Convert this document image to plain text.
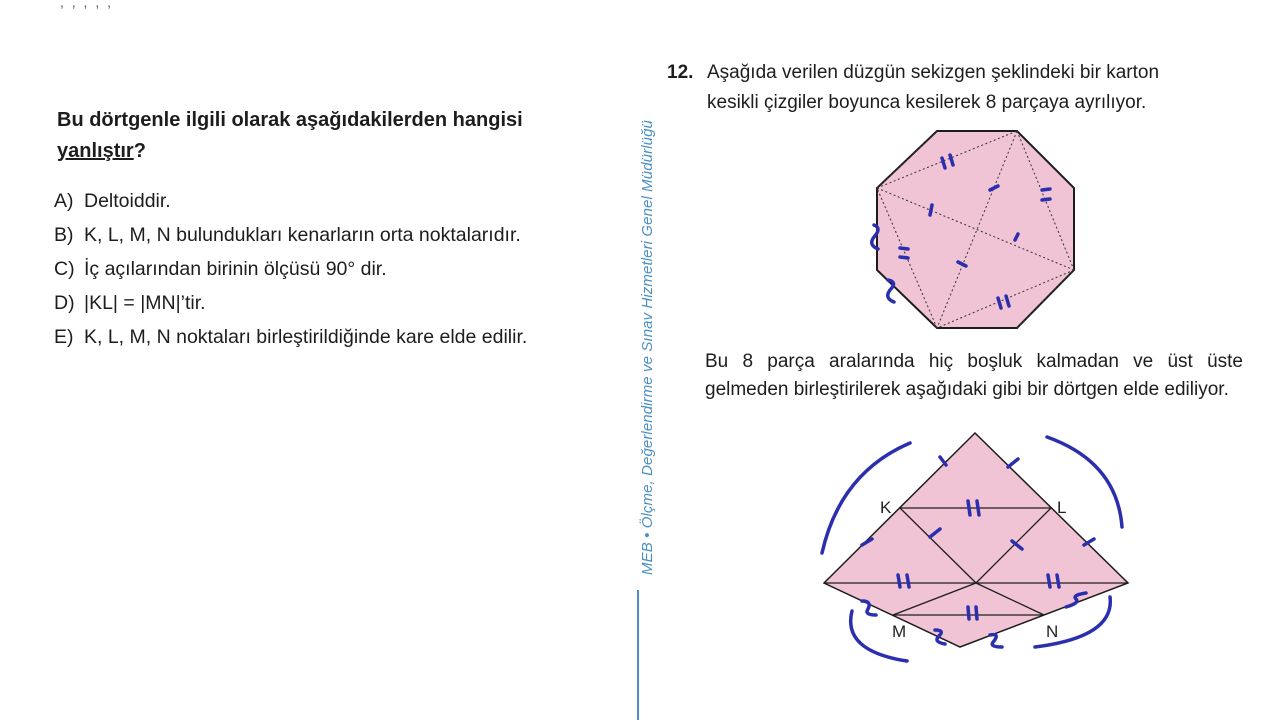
, , , , ,
Bu dörtgenle ilgili olarak aşağıdakilerden hangisi
yanlıştır?
A) Deltoiddir.
B) K, L, M, N bulundukları kenarların orta noktalarıdır.
C) İç açılarından birinin ölçüsü 90° dir.
D) |KL| = |MN|’tir.
E) K, L, M, N noktaları birleştirildiğinde kare elde edilir.	MEB • Ölçme, Değerlendirme ve Sınav Hizmetleri Genel Müdürlüğü
12. Aşağıda verilen düzgün sekizgen şeklindeki bir karton
kesikli çizgiler boyunca kesilerek 8 parçaya ayrılıyor.
Bu 8 parça aralarında hiç boşluk kalmadan ve üst üste gelmeden birleştirilerek aşağıdaki gibi bir dörtgen elde ediliyor.
K	L
M	N
